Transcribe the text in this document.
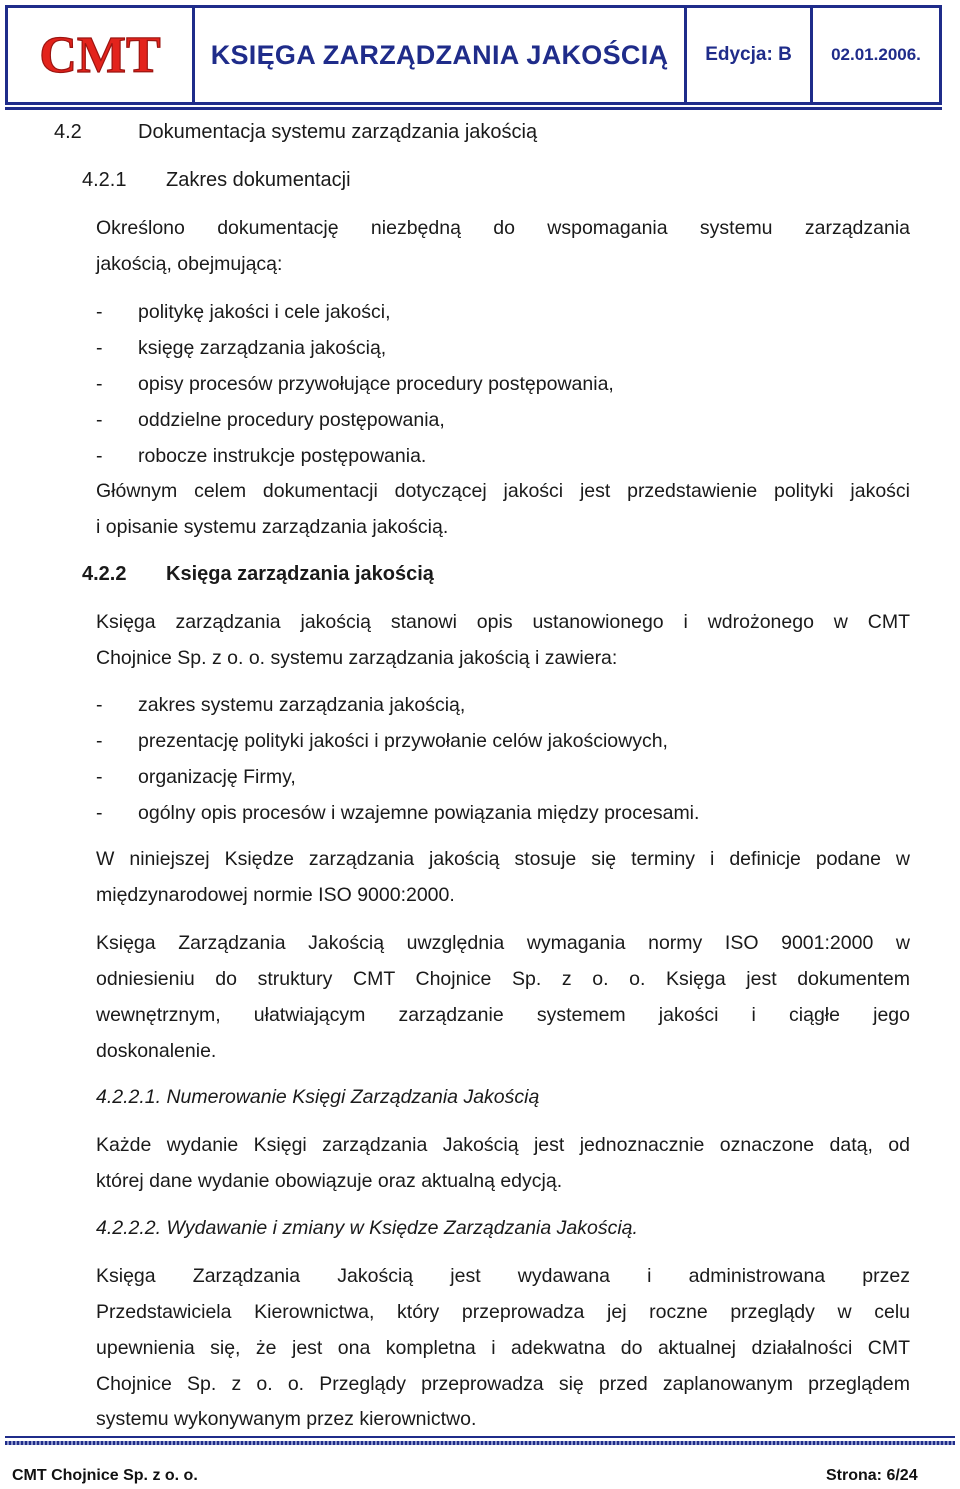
CMT	KSIĘGA ZARZĄDZANIA JAKOŚCIĄ	Edycja: B	02.01.2006.
4.2	Dokumentacja systemu zarządzania jakością
4.2.1 Zakres dokumentacji
Określono dokumentację niezbędną do wspomagania systemu zarządzania
jakością, obejmującą:
- politykę jakości i cele jakości,
- księgę zarządzania jakością,
- opisy procesów przywołujące procedury postępowania,
- oddzielne procedury postępowania,
- robocze instrukcje postępowania.
Głównym celem dokumentacji dotyczącej jakości jest przedstawienie polityki jakości
i opisanie systemu zarządzania jakością.
4.2.2 Księga zarządzania jakością
Księga zarządzania jakością stanowi opis ustanowionego i wdrożonego w CMT
Chojnice Sp. z o. o. systemu zarządzania jakością i zawiera:
- zakres systemu zarządzania jakością,
- prezentację polityki jakości i przywołanie celów jakościowych,
- organizację Firmy,
- ogólny opis procesów i wzajemne powiązania między procesami.
W niniejszej Księdze zarządzania jakością stosuje się terminy i definicje podane w
międzynarodowej normie ISO 9000:2000.
Księga Zarządzania Jakością uwzględnia wymagania normy ISO 9001:2000 w
odniesieniu do struktury CMT Chojnice Sp. z o. o. Księga jest dokumentem
wewnętrznym, ułatwiającym zarządzanie systemem jakości i ciągłe jego
doskonalenie.
4.2.2.1. Numerowanie Księgi Zarządzania Jakością
Każde wydanie Księgi zarządzania Jakością jest jednoznacznie oznaczone datą, od
której dane wydanie obowiązuje oraz aktualną edycją.
4.2.2.2. Wydawanie i zmiany w Księdze Zarządzania Jakością.
Księga Zarządzania Jakością jest wydawana i administrowana przez
Przedstawiciela Kierownictwa, który przeprowadza jej roczne przeglądy w celu
upewnienia się, że jest ona kompletna i adekwatna do aktualnej działalności CMT
Chojnice Sp. z o. o. Przeglądy przeprowadza się przed zaplanowanym przeglądem
systemu wykonywanym przez kierownictwo.
CMT Chojnice Sp. z o. o.	Strona: 6/24
